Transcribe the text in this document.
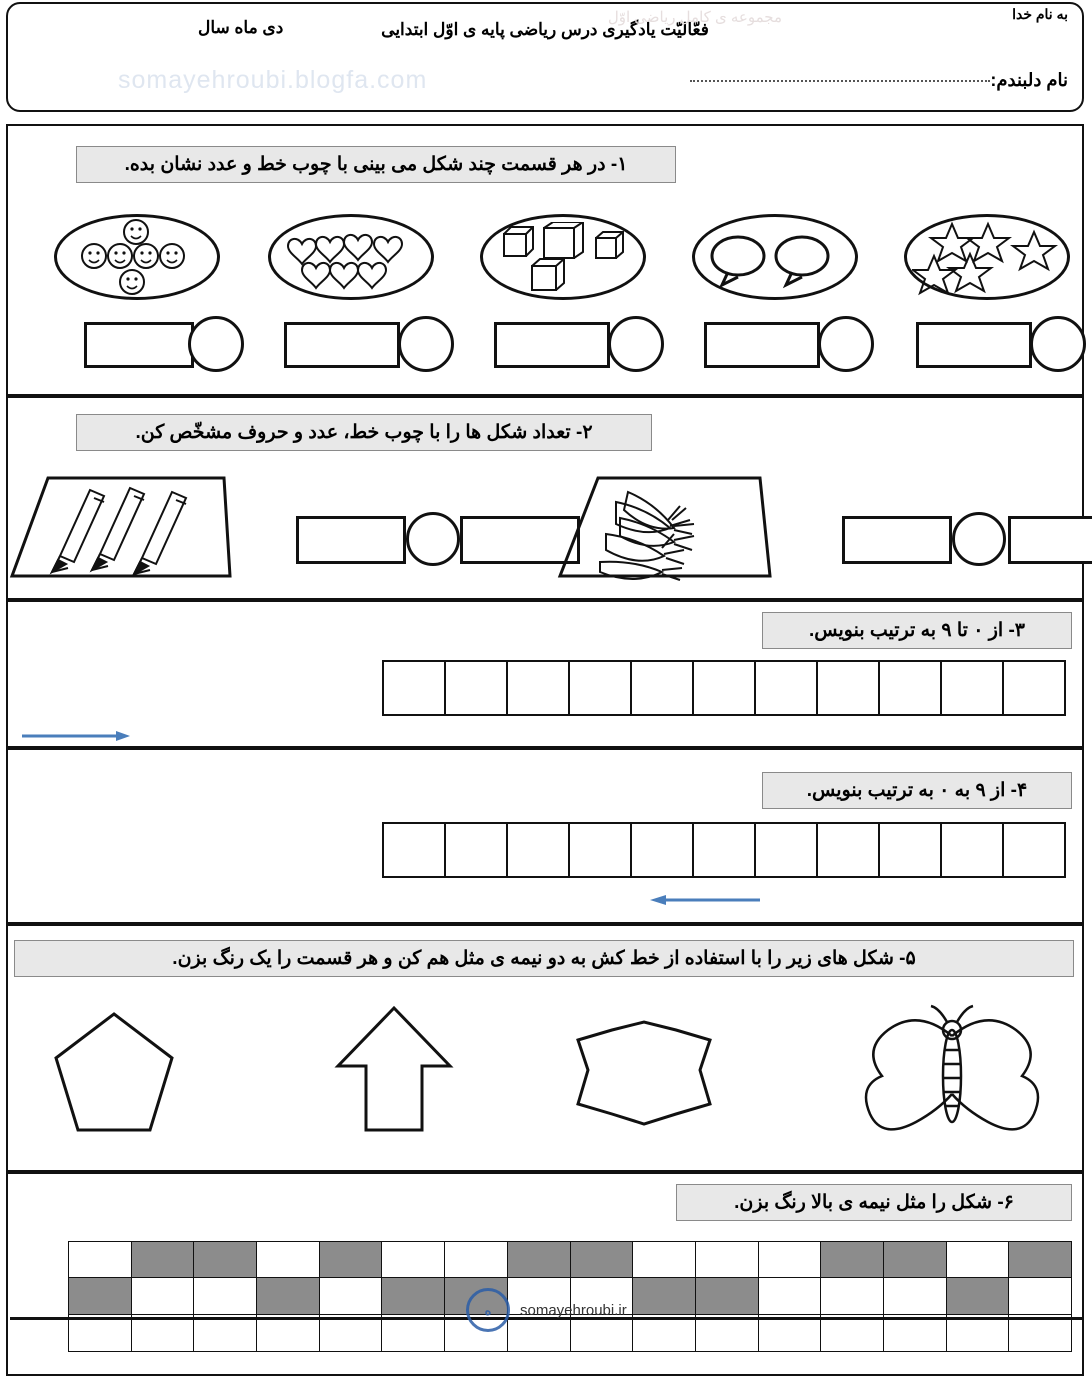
به نام خدا
فعّالیّت یادگیری درس ریاضی پایه ی اوّل ابتدایی
دی ماه سال
مجموعه ی کامل ریاضی اوّل
somayehroubi.blogfa.com	نام دلبندم:
۱- در هر قسمت چند شکل می بینی با چوب خط و عدد نشان بده.
۲- تعداد شکل ها را با چوب خط، عدد و حروف مشخّص کن.
۳- از ۰ تا ۹ به ترتیب بنویس.
۴- از ۹ به ۰ به ترتیب بنویس.
۵- شکل های زیر را با استفاده از خط کش به دو نیمه ی مثل هم کن و هر قسمت را یک رنگ بزن.
۶- شکل را مثل نیمه ی بالا رنگ بزن.
ه	somayehroubi.ir
